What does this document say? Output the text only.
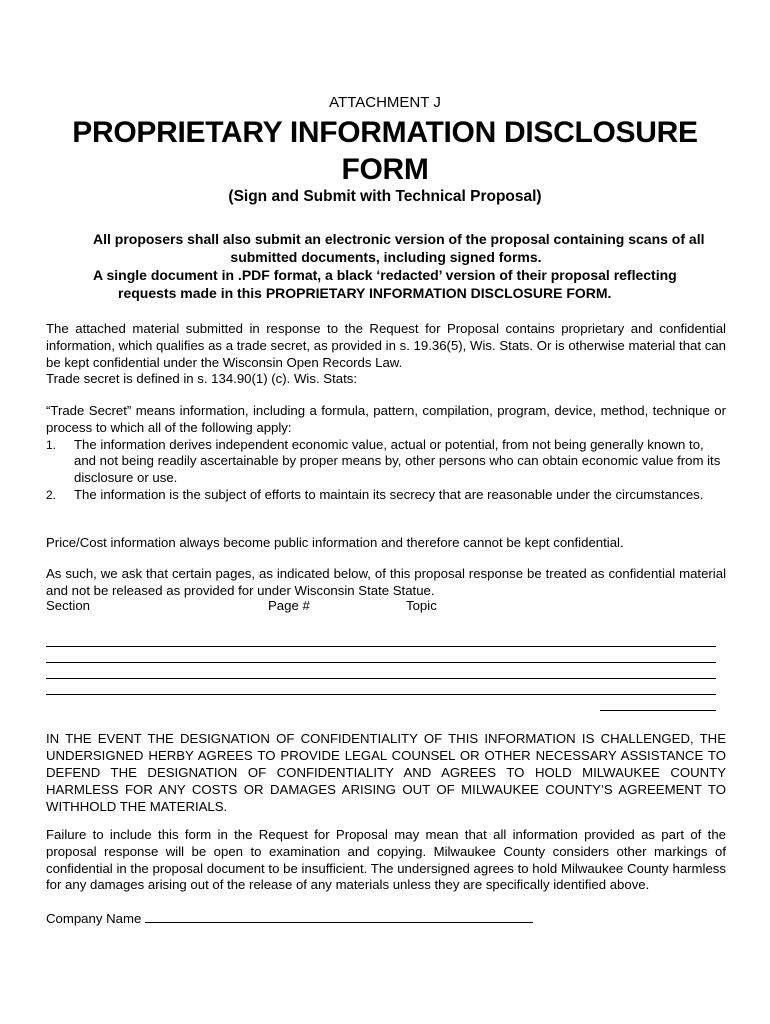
ATTACHMENT J
PROPRIETARY INFORMATION DISCLOSURE FORM
(Sign and Submit with Technical Proposal)
All proposers shall also submit an electronic version of the proposal containing scans of all
submitted documents, including signed forms.
A single document in .PDF format, a black ‘redacted’ version of their proposal reflecting
requests made in this PROPRIETARY INFORMATION DISCLOSURE FORM.
The attached material submitted in response to the Request for Proposal contains proprietary and confidential information, which qualifies as a trade secret, as provided in s. 19.36(5), Wis. Stats. Or is otherwise material that can be kept confidential under the Wisconsin Open Records Law.
Trade secret is defined in s. 134.90(1) (c). Wis. Stats:
“Trade Secret” means information, including a formula, pattern, compilation, program, device, method, technique or process to which all of the following apply:
1. The information derives independent economic value, actual or potential, from not being generally known to, and not being readily ascertainable by proper means by, other persons who can obtain economic value from its disclosure or use.
2. The information is the subject of efforts to maintain its secrecy that are reasonable under the circumstances.
Price/Cost information always become public information and therefore cannot be kept confidential.
As such, we ask that certain pages, as indicated below, of this proposal response be treated as confidential material and not be released as provided for under Wisconsin State Statue.
Section	Page #	Topic
IN THE EVENT THE DESIGNATION OF CONFIDENTIALITY OF THIS INFORMATION IS CHALLENGED, THE UNDERSIGNED HERBY AGREES TO PROVIDE LEGAL COUNSEL OR OTHER NECESSARY ASSISTANCE TO DEFEND THE DESIGNATION OF CONFIDENTIALITY AND AGREES TO HOLD MILWAUKEE COUNTY HARMLESS FOR ANY COSTS OR DAMAGES ARISING OUT OF MILWAUKEE COUNTY’S AGREEMENT TO WITHHOLD THE MATERIALS.
Failure to include this form in the Request for Proposal may mean that all information provided as part of the proposal response will be open to examination and copying. Milwaukee County considers other markings of confidential in the proposal document to be insufficient. The undersigned agrees to hold Milwaukee County harmless for any damages arising out of the release of any materials unless they are specifically identified above.
Company Name
